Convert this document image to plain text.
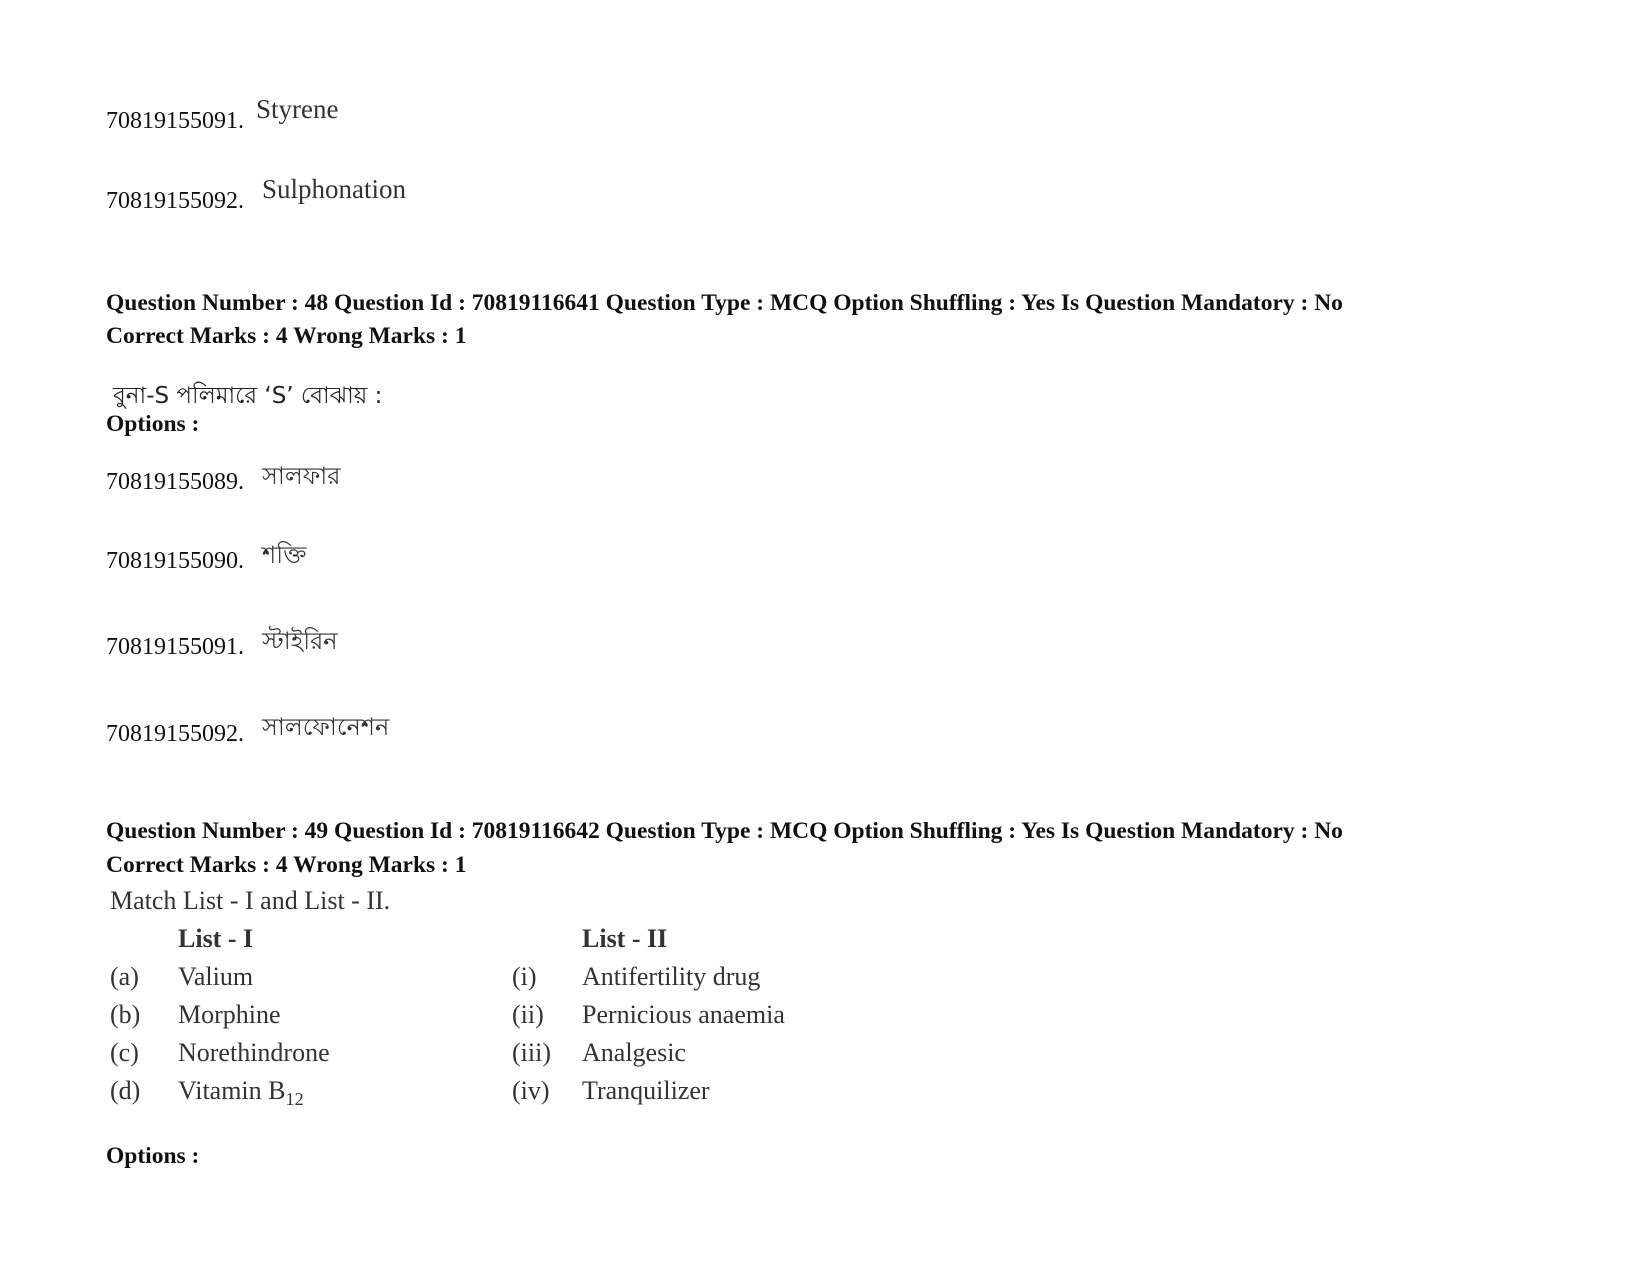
70819155091. Styrene
70819155092. Sulphonation
Question Number : 48 Question Id : 70819116641 Question Type : MCQ Option Shuffling : Yes Is Question Mandatory : No
Correct Marks : 4 Wrong Marks : 1
বুনা-S পলিমারে ‘S’ বোঝায় :
Options :
70819155089. সালফার
70819155090. শক্তি
70819155091. স্টাইরিন
70819155092. সালফোনেশন
Question Number : 49 Question Id : 70819116642 Question Type : MCQ Option Shuffling : Yes Is Question Mandatory : No
Correct Marks : 4 Wrong Marks : 1
Match List - I and List - II.
List - I	List - II
(a) Valium	(i) Antifertility drug
(b) Morphine	(ii) Pernicious anaemia
(c) Norethindrone	(iii) Analgesic
(d) Vitamin $B_{12}$	(iv) Tranquilizer
Options :
